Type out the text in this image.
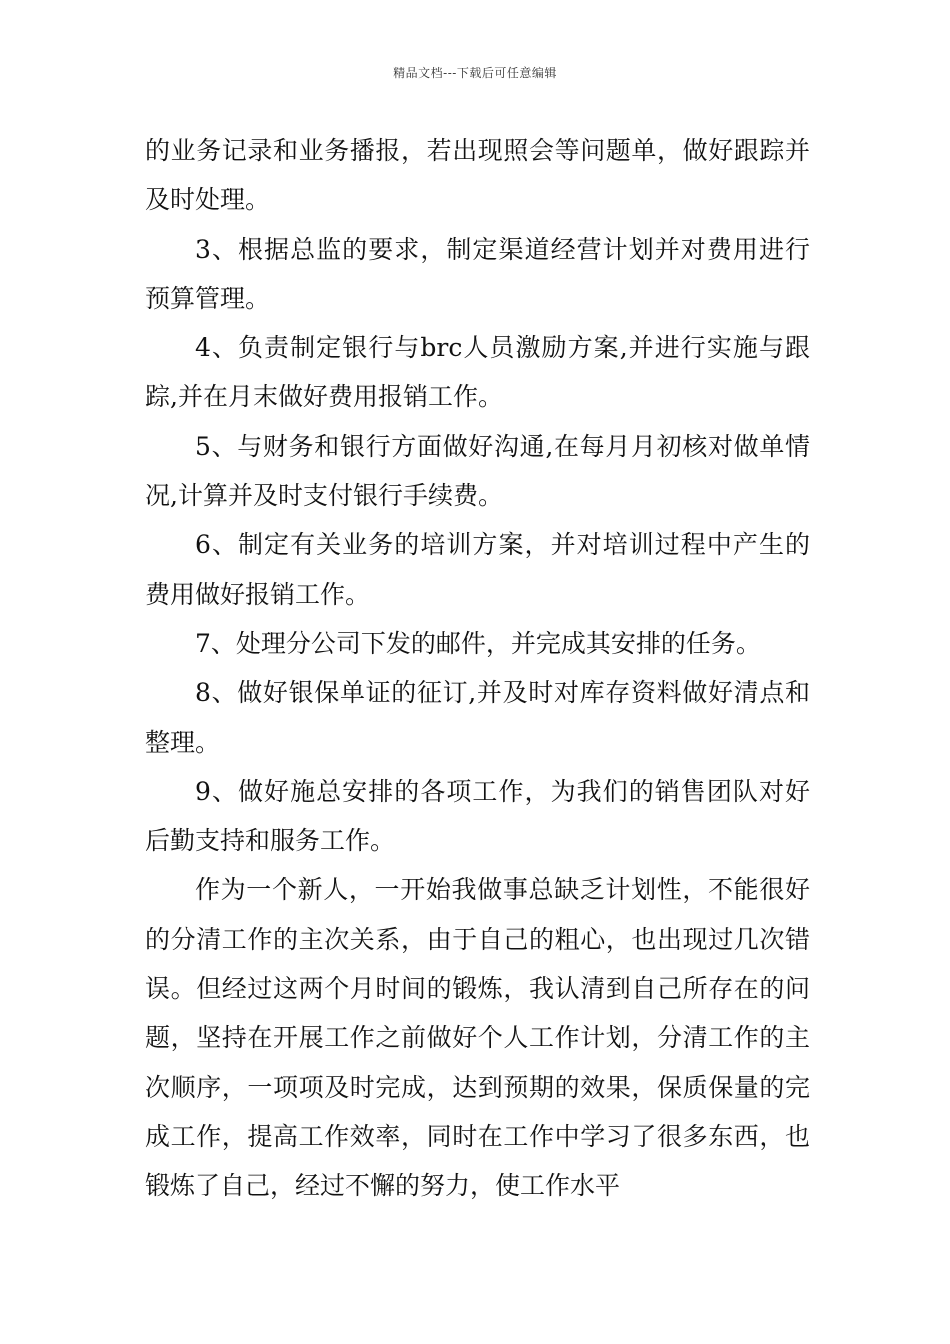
精品文档---下载后可任意编辑

的业务记录和业务播报，若出现照会等问题单，做好跟踪并及时处理。

3、根据总监的要求，制定渠道经营计划并对费用进行预算管理。

4、负责制定银行与brc人员激励方案,并进行实施与跟踪,并在月末做好费用报销工作。

5、与财务和银行方面做好沟通,在每月月初核对做单情况,计算并及时支付银行手续费。

6、制定有关业务的培训方案，并对培训过程中产生的费用做好报销工作。

7、处理分公司下发的邮件，并完成其安排的任务。

8、做好银保单证的征订,并及时对库存资料做好清点和整理。

9、做好施总安排的各项工作，为我们的销售团队对好后勤支持和服务工作。

作为一个新人，一开始我做事总缺乏计划性，不能很好的分清工作的主次关系，由于自己的粗心，也出现过几次错误。但经过这两个月时间的锻炼，我认清到自己所存在的问题，坚持在开展工作之前做好个人工作计划，分清工作的主次顺序，一项项及时完成，达到预期的效果，保质保量的完成工作，提高工作效率，同时在工作中学习了很多东西，也锻炼了自己，经过不懈的努力，使工作水平
